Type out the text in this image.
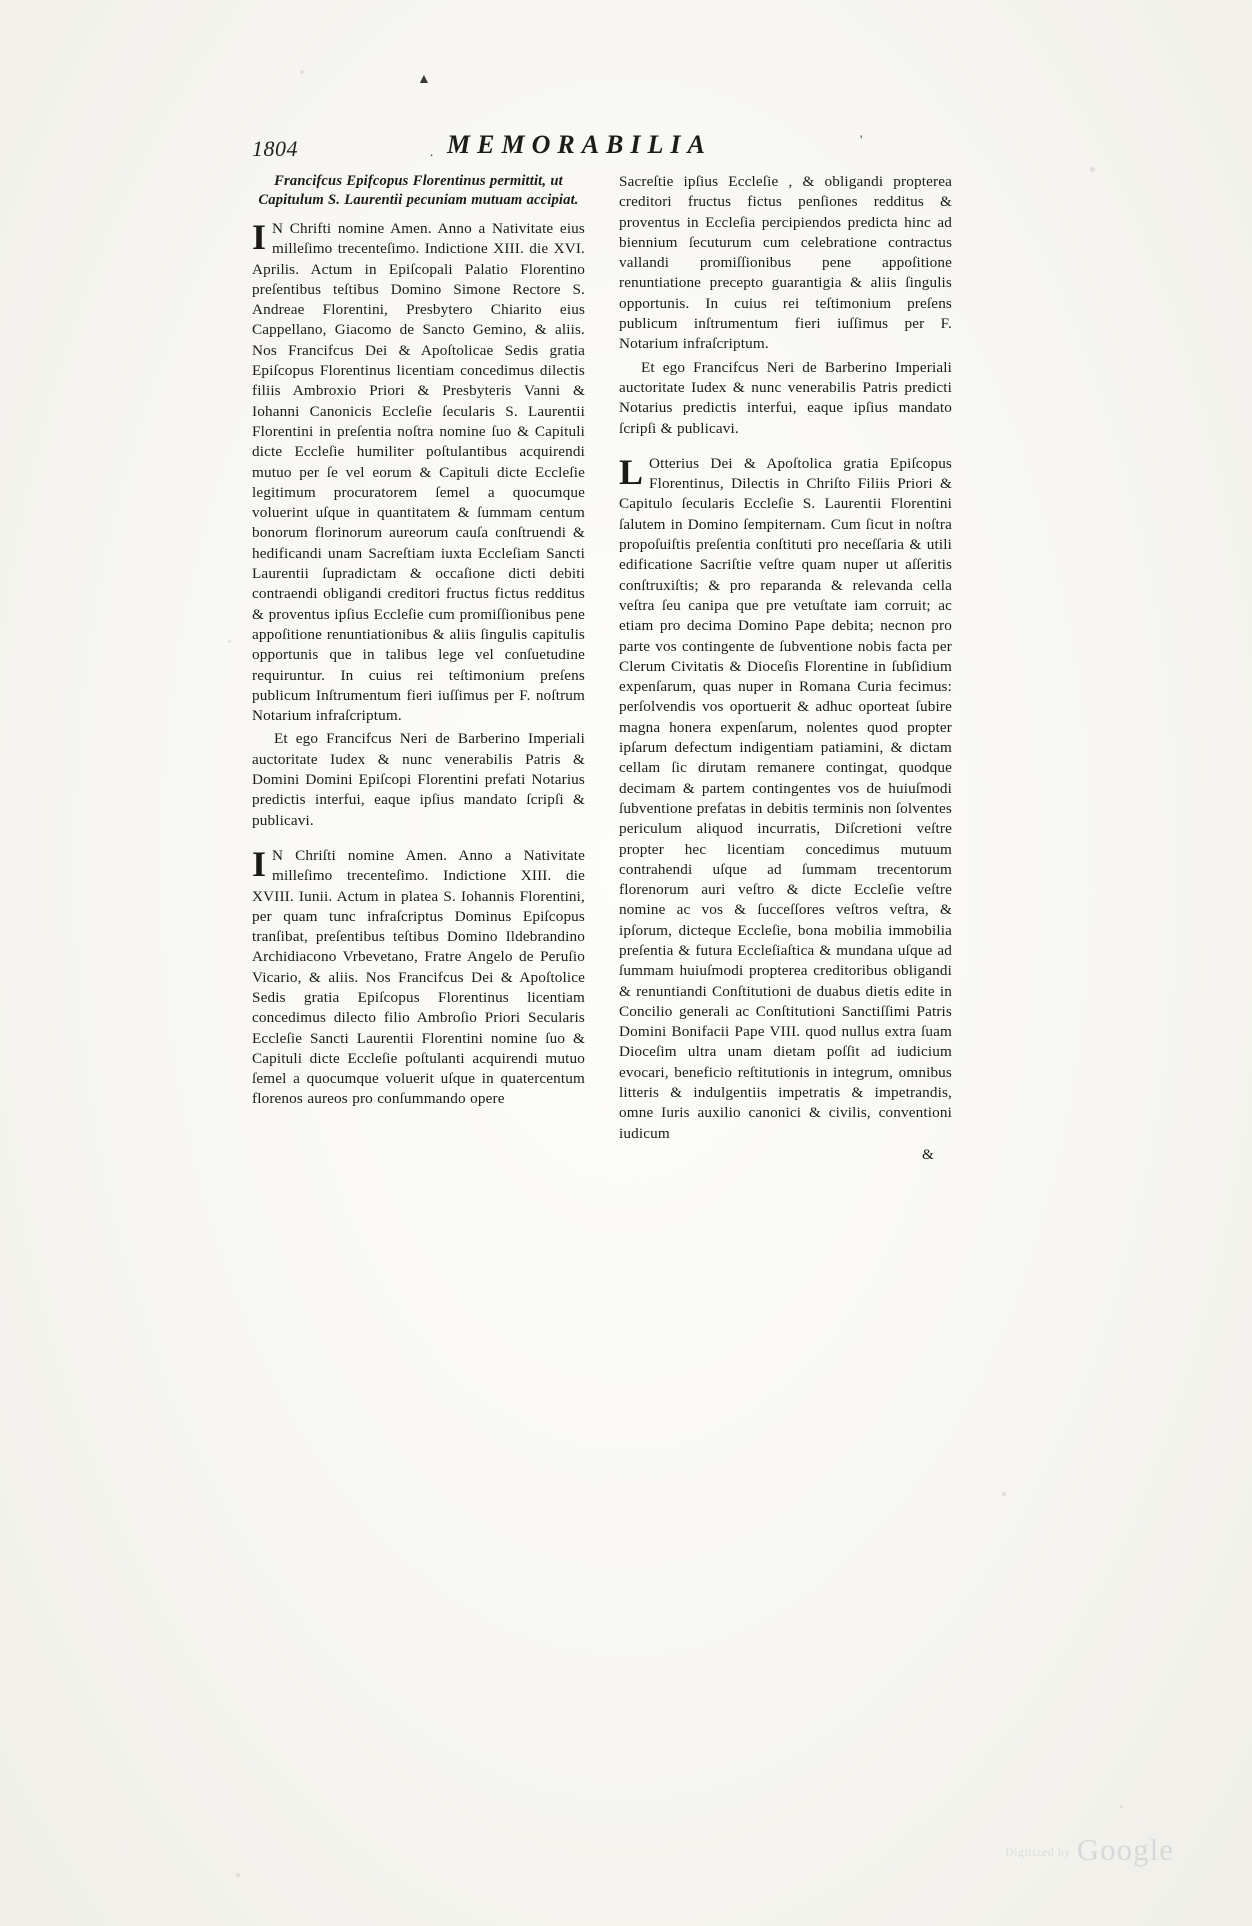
▲
1804	MEMORABILIA
.
'

Francifcus Epifcopus Florentinus permittit, ut Capitulum S. Laurentii pecuniam mutuam accipiat.

I N Chrifti nomine Amen. Anno a Nativitate eius milleſimo trecenteſimo. Indictione XIII. die XVI. Aprilis. Actum in Epiſcopali Palatio Florentino preſentibus teſtibus Domino Simone Rectore S. Andreae Florentini, Presbytero Chiarito eius Cappellano, Giacomo de Sancto Gemino, & aliis. Nos Francifcus Dei & Apoſtolicae Sedis gratia Epiſcopus Florentinus licentiam concedimus dilectis filiis Ambroxio Priori & Presbyteris Vanni & Iohanni Canonicis Eccleſie ſecularis S. Laurentii Florentini in preſentia noſtra nomine ſuo & Capituli dicte Eccleſie humiliter poſtulantibus acquirendi mutuo per ſe vel eorum & Capituli dicte Eccleſie legitimum procuratorem ſemel a quocumque voluerint uſque in quantitatem & ſummam centum bonorum florinorum aureorum cauſa conſtruendi & hedificandi unam Sacreſtiam iuxta Eccleſiam Sancti Laurentii ſupradictam & occaſione dicti debiti contraendi obligandi creditori fructus fictus redditus & proventus ipſius Eccleſie cum promiſſionibus pene appoſitione renuntiationibus & aliis ſingulis capitulis opportunis que in talibus lege vel conſuetudine requiruntur. In cuius rei teſtimonium preſens publicum Inſtrumentum fieri iuſſimus per F. noſtrum Notarium infraſcriptum.

Et ego Francifcus Neri de Barberino Imperiali auctoritate Iudex & nunc venerabilis Patris & Domini Domini Epiſcopi Florentini prefati Notarius predictis interfui, eaque ipſius mandato ſcripſi & publicavi.

I N Chriſti nomine Amen. Anno a Nativitate milleſimo trecenteſimo. Indictione XIII. die XVIII. Iunii. Actum in platea S. Iohannis Florentini, per quam tunc infraſcriptus Dominus Epiſcopus tranſibat, preſentibus teſtibus Domino Ildebrandino Archidiacono Vrbevetano, Fratre Angelo de Peruſio Vicario, & aliis. Nos Francifcus Dei & Apoſtolice Sedis gratia Epiſcopus Florentinus licentiam concedimus dilecto filio Ambroſio Priori Secularis Eccleſie Sancti Laurentii Florentini nomine ſuo & Capituli dicte Eccleſie poſtulanti acquirendi mutuo ſemel a quocumque voluerit uſque in quatercentum florenos aureos pro conſummando opere

Sacreſtie ipſius Eccleſie , & obligandi propterea creditori fructus fictus penſiones redditus & proventus in Eccleſia percipiendos predicta hinc ad biennium ſecuturum cum celebratione contractus vallandi promiſſionibus pene appoſitione renuntiatione precepto guarantigia & aliis ſingulis opportunis. In cuius rei teſtimonium preſens publicum inſtrumentum fieri iuſſimus per F. Notarium infraſcriptum.

Et ego Francifcus Neri de Barberino Imperiali auctoritate Iudex & nunc venerabilis Patris predicti Notarius predictis interfui, eaque ipſius mandato ſcripſi & publicavi.

L Otterius Dei & Apoſtolica gratia Epiſcopus Florentinus, Dilectis in Chriſto Filiis Priori & Capitulo ſecularis Eccleſie S. Laurentii Florentini ſalutem in Domino ſempiternam. Cum ſicut in noſtra propoſuiſtis preſentia conſtituti pro neceſſaria & utili edificatione Sacriſtie veſtre quam nuper ut aſſeritis conſtruxiſtis; & pro reparanda & relevanda cella veſtra ſeu canipa que pre vetuſtate iam corruit; ac etiam pro decima Domino Pape debita; necnon pro parte vos contingente de ſubventione nobis facta per Clerum Civitatis & Dioceſis Florentine in ſubſidium expenſarum, quas nuper in Romana Curia fecimus: perſolvendis vos oportuerit & adhuc oporteat ſubire magna honera expenſarum, nolentes quod propter ipſarum defectum indigentiam patiamini, & dictam cellam ſic dirutam remanere contingat, quodque decimam & partem contingentes vos de huiuſmodi ſubventione prefatas in debitis terminis non ſolventes periculum aliquod incurratis, Diſcretioni veſtre propter hec licentiam concedimus mutuum contrahendi uſque ad ſummam trecentorum florenorum auri veſtro & dicte Eccleſie veſtre nomine ac vos & ſucceſſores veſtros veſtra, & ipſorum, dicteque Eccleſie, bona mobilia immobilia preſentia & futura Eccleſiaſtica & mundana uſque ad ſummam huiuſmodi propterea creditoribus obligandi & renuntiandi Conſtitutioni de duabus dietis edite in Concilio generali ac Conſtitutioni Sanctiſſimi Patris Domini Bonifacii Pape VIII. quod nullus extra ſuam Dioceſim ultra unam dietam poſſit ad iudicium evocari, beneficio reſtitutionis in integrum, omnibus litteris & indulgentiis impetratis & impetrandis, omne Iuris auxilio canonici & civilis, conventioni iudicum

&

Digitized by Google
